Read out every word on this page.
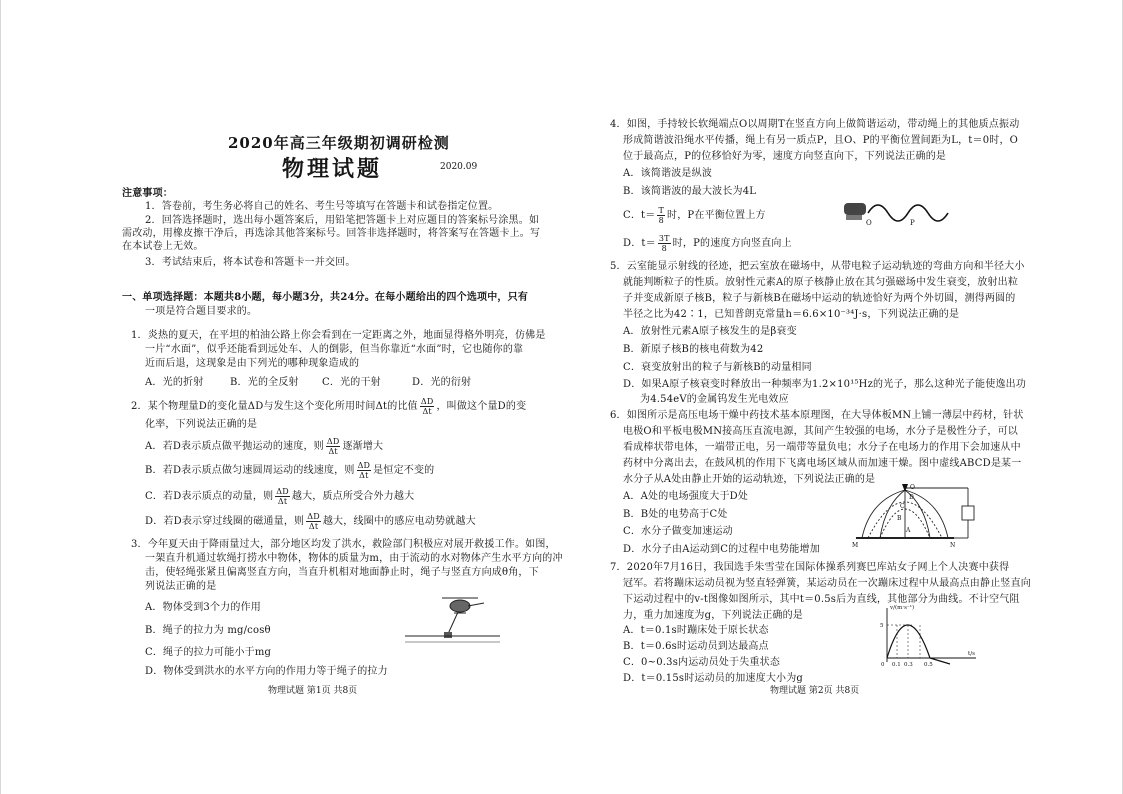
2020年高三年级期初调研检测
物理试题	2020.09
注意事项：
1．答卷前，考生务必将自己的姓名、考生号等填写在答题卡和试卷指定位置。
2．回答选择题时，选出每小题答案后，用铅笔把答题卡上对应题目的答案标号涂黑。如
需改动，用橡皮擦干净后，再选涂其他答案标号。回答非选择题时，将答案写在答题卡上。写
在本试卷上无效。
3．考试结束后，将本试卷和答题卡一并交回。
一、单项选择题：本题共8小题，每小题3分，共24分。在每小题给出的四个选项中，只有
一项是符合题目要求的。
1．炎热的夏天，在平坦的柏油公路上你会看到在一定距离之外，地面显得格外明亮，仿佛是
一片“水面”，似乎还能看到远处车、人的倒影，但当你靠近“水面”时，它也随你的靠
近而后退，这现象是由下列光的哪种现象造成的
A．光的折射	B．光的全反射 C．光的干射	D．光的衍射
2．某个物理量D的变化量ΔD与发生这个变化所用时间Δt的比值 $\frac{\Delta D}{\Delta t}$ ，叫做这个量D的变
化率，下列说法正确的是
A．若D表示质点做平抛运动的速度，则 $\frac{\Delta D}{\Delta t}$ 逐渐增大
B．若D表示质点做匀速圆周运动的线速度，则 $\frac{\Delta D}{\Delta t}$ 是恒定不变的
C．若D表示质点的动量，则 $\frac{\Delta D}{\Delta t}$ 越大，质点所受合外力越大
D．若D表示穿过线圈的磁通量，则 $\frac{\Delta D}{\Delta t}$ 越大，线圈中的感应电动势就越大
3．今年夏天由于降雨量过大，部分地区均发了洪水，救险部门积极应对展开救援工作。如图，
一架直升机通过软绳打捞水中物体，物体的质量为m，由于流动的水对物体产生水平方向的冲
击，使轻绳张紧且偏离竖直方向，当直升机相对地面静止时，绳子与竖直方向成θ角，下
列说法正确的是
A．物体受到3个力的作用
B．绳子的拉力为 mg/cosθ
C．绳子的拉力可能小于mg
D．物体受到洪水的水平方向的作用力等于绳子的拉力
物理试题 第1页 共8页
4．如图，手持较长软绳端点O以周期T在竖直方向上做简谐运动，带动绳上的其他质点振动
形成简谐波沿绳水平传播，绳上有另一质点P，且O、P的平衡位置间距为L，t＝0时，O
位于最高点，P的位移恰好为零，速度方向竖直向下，下列说法正确的是
A．该简谐波是纵波
B．该简谐波的最大波长为4L
C．$t= \frac{T}{8}$ 时，P在平衡位置上方
D．$t= \frac{3T}{8}$ 时，P的速度方向竖直向上
O	P
5．云室能显示射线的径迹，把云室放在磁场中，从带电粒子运动轨迹的弯曲方向和半径大小
就能判断粒子的性质。放射性元素A的原子核静止放在其匀强磁场中发生衰变，放射出粒
子并变成新原子核B，粒子与新核B在磁场中运动的轨迹恰好为两个外切圆，测得两圆的
半径之比为42∶1，已知普朗克常量h＝6.6×10⁻³⁴J·s，下列说法正确的是
A．放射性元素A原子核发生的是β衰变
B．新原子核B的核电荷数为42
C．衰变放射出的粒子与新核B的动量相同
D．如果A原子核衰变时释放出一种频率为1.2×10¹⁵Hz的光子，那么这种光子能使逸出功
为4.54eV的金属钨发生光电效应
6．如图所示是高压电场干燥中药技术基本原理图，在大导体板MN上铺一薄层中药材，针状
电极O和平板电极MN接高压直流电源，其间产生较强的电场，水分子是极性分子，可以
看成棒状带电体，一端带正电，另一端带等量负电；水分子在电场力的作用下会加速从中
药材中分离出去，在鼓风机的作用下飞离电场区域从而加速干燥。图中虚线ABCD是某一
水分子从A处由静止开始的运动轨迹，下列说法正确的是
A．A处的电场强度大于D处
B．B处的电势高于C处
C．水分子做变加速运动
D．水分子由A运动到C的过程中电势能增加
O
A
B
C
D
M	N
7．2020年7月16日，我国选手朱雪莹在国际体操系列赛巴库站女子网上个人决赛中获得
冠军。若将蹦床运动员视为竖直轻弹簧，某运动员在一次蹦床过程中从最高点由静止竖直向
下运动过程中的v-t图像如图所示，其中t＝0.5s后为直线，其他部分为曲线。不计空气阻
力，重力加速度为g，下列说法正确的是
A．t＝0.1s时蹦床处于原长状态
B．t＝0.6s时运动员到达最高点
C．0~0.3s内运动员处于失重状态
D．t＝0.15s时运动员的加速度大小为g
v/(m·s⁻¹)
t/s
0
5
0.1 0.3 0.5
物理试题 第2页 共8页
